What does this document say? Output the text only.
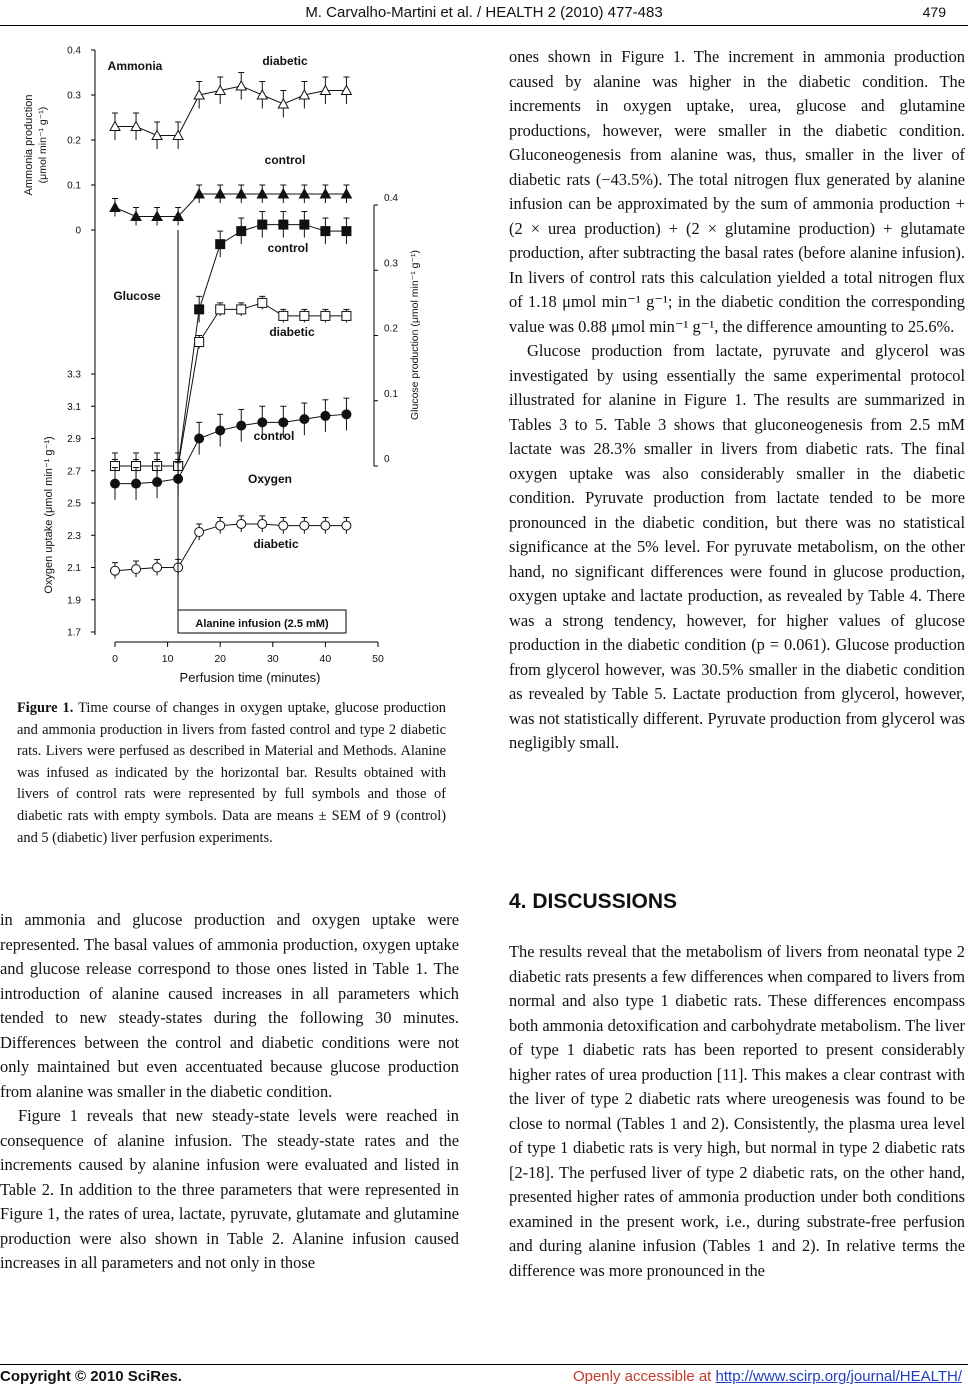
M. Carvalho-Martini et al. / HEALTH 2 (2010) 477-483	479
0
0.1
0.2
0.3
0.4
0
0.1
0.2
0.3
0.4
1.7
1.9
2.1
2.3
2.5
2.7
2.9
3.1
3.3
Ammonia production (μmol min⁻¹ g⁻¹)
Oxygen uptake (μmol min⁻¹ g⁻¹)
Glucose production (μmol min⁻¹ g⁻¹)
Ammonia
Glucose
diabetic
control
control
diabetic
control
Oxygen
diabetic
Alanine infusion (2.5 mM)
0	10	20	30	40	50
Perfusion time (minutes)
Figure 1. Time course of changes in oxygen uptake, glucose production and ammonia production in livers from fasted control and type 2 diabetic rats. Livers were perfused as described in Material and Methods. Alanine was infused as indicated by the horizontal bar. Results obtained with livers of control rats were represented by full symbols and those of diabetic rats with empty symbols. Data are means ± SEM of 9 (control) and 5 (diabetic) liver perfusion experiments.

in ammonia and glucose production and oxygen uptake were represented. The basal values of ammonia production, oxygen uptake and glucose release correspond to those ones listed in Table 1. The introduction of alanine caused increases in all parameters which tended to new steady-states during the following 30 minutes. Differences between the control and diabetic conditions were not only maintained but even accentuated because glucose production from alanine was smaller in the diabetic condition.

Figure 1 reveals that new steady-state levels were reached in consequence of alanine infusion. The steady-state rates and the increments caused by alanine infusion were evaluated and listed in Table 2. In addition to the three parameters that were represented in Figure 1, the rates of urea, lactate, pyruvate, glutamate and glutamine production were also shown in Table 2. Alanine infusion caused increases in all parameters and not only in those

ones shown in Figure 1. The increment in ammonia production caused by alanine was higher in the diabetic condition. The increments in oxygen uptake, urea, glucose and glutamine productions, however, were smaller in the diabetic condition. Gluconeogenesis from alanine was, thus, smaller in the liver of diabetic rats (−43.5%). The total nitrogen flux generated by alanine infusion can be approximated by the sum of ammonia production + (2 × urea production) + (2 × glutamine production) + glutamate production, after subtracting the basal rates (before alanine infusion). In livers of control rats this calculation yielded a total nitrogen flux of 1.18 μmol min⁻¹ g⁻¹; in the diabetic condition the corresponding value was 0.88 μmol min⁻¹ g⁻¹, the difference amounting to 25.6%.

Glucose production from lactate, pyruvate and glycerol was investigated by using essentially the same experimental protocol illustrated for alanine in Figure 1. The results are summarized in Tables 3 to 5. Table 3 shows that gluconeogenesis from 2.5 mM lactate was 28.3% smaller in livers from diabetic rats. The final oxygen uptake was also considerably smaller in the diabetic condition. Pyruvate production from lactate tended to be more pronounced in the diabetic condition, but there was no statistical significance at the 5% level. For pyruvate metabolism, on the other hand, no significant differences were found in glucose production, oxygen uptake and lactate production, as revealed by Table 4. There was a strong tendency, however, for higher values of glucose production in the diabetic condition (p = 0.061). Glucose production from glycerol however, was 30.5% smaller in the diabetic condition as revealed by Table 5. Lactate production from glycerol, however, was not statistically different. Pyruvate production from glycerol was negligibly small.

4. DISCUSSIONS

The results reveal that the metabolism of livers from neonatal type 2 diabetic rats presents a few differences when compared to livers from normal and also type 1 diabetic rats. These differences encompass both ammonia detoxification and carbohydrate metabolism. The liver of type 1 diabetic rats has been reported to present considerably higher rates of urea production [11]. This makes a clear contrast with the liver of type 2 diabetic rats where ureogenesis was found to be close to normal (Tables 1 and 2). Consistently, the plasma urea level of type 1 diabetic rats is very high, but normal in type 2 diabetic rats [2-18]. The perfused liver of type 2 diabetic rats, on the other hand, presented higher rates of ammonia production under both conditions examined in the present work, i.e., during substrate-free perfusion and during alanine infusion (Tables 1 and 2). In relative terms the difference was more pronounced in the

Copyright © 2010 SciRes.	Openly accessible at http://www.scirp.org/journal/HEALTH/
